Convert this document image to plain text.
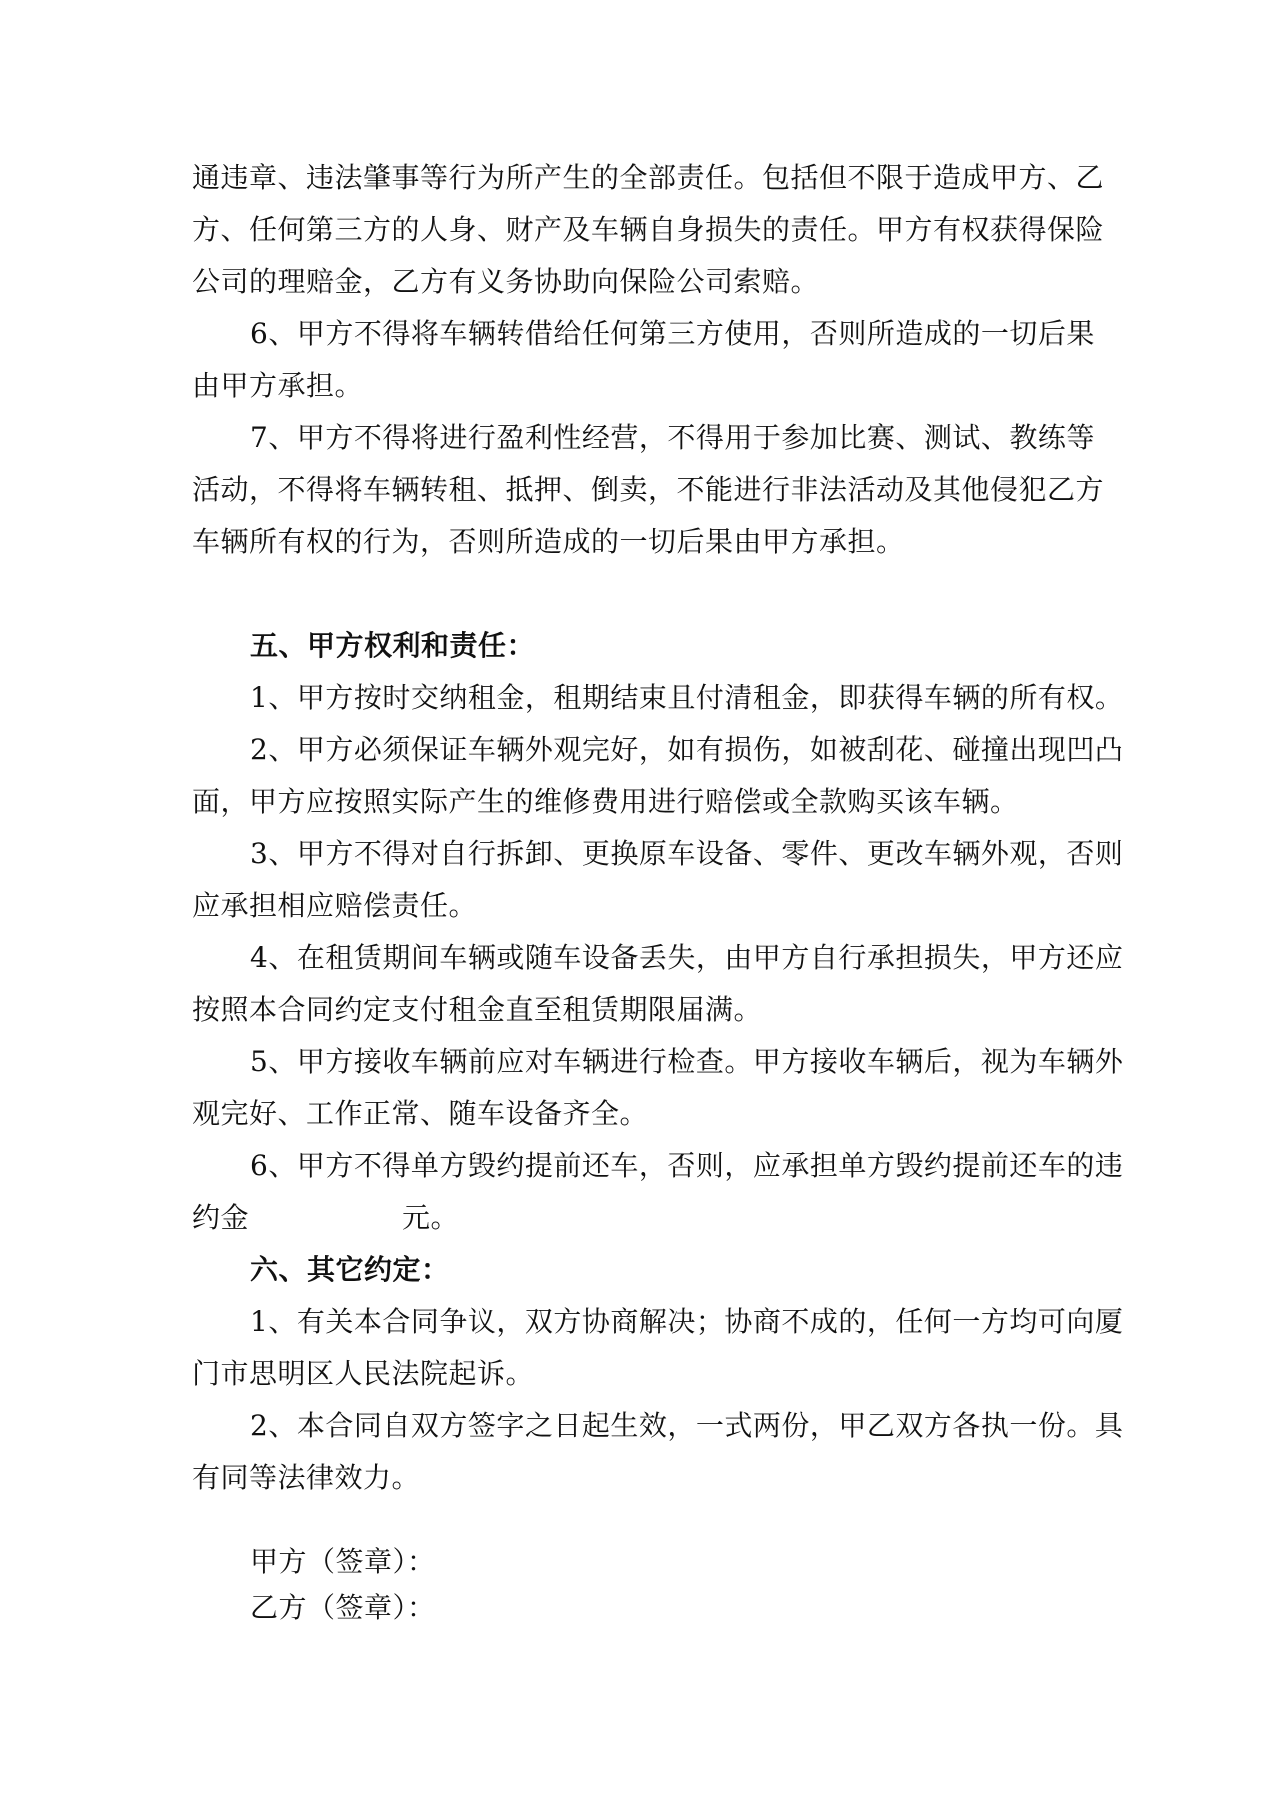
通违章、违法肇事等行为所产生的全部责任。包括但不限于造成甲方、乙
方、任何第三方的人身、财产及车辆自身损失的责任。甲方有权获得保险
公司的理赔金，乙方有义务协助向保险公司索赔。
6、甲方不得将车辆转借给任何第三方使用，否则所造成的一切后果
由甲方承担。
7、甲方不得将进行盈利性经营，不得用于参加比赛、测试、教练等
活动，不得将车辆转租、抵押、倒卖，不能进行非法活动及其他侵犯乙方
车辆所有权的行为，否则所造成的一切后果由甲方承担。
五、甲方权利和责任：
1、甲方按时交纳租金，租期结束且付清租金，即获得车辆的所有权。
2、甲方必须保证车辆外观完好，如有损伤，如被刮花、碰撞出现凹凸
面，甲方应按照实际产生的维修费用进行赔偿或全款购买该车辆。
3、甲方不得对自行拆卸、更换原车设备、零件、更改车辆外观，否则
应承担相应赔偿责任。
4、在租赁期间车辆或随车设备丢失，由甲方自行承担损失，甲方还应
按照本合同约定支付租金直至租赁期限届满。
5、甲方接收车辆前应对车辆进行检查。甲方接收车辆后，视为车辆外
观完好、工作正常、随车设备齐全。
6、甲方不得单方毁约提前还车，否则，应承担单方毁约提前还车的违
约金	元。
六、其它约定：
1、有关本合同争议，双方协商解决；协商不成的，任何一方均可向厦
门市思明区人民法院起诉。
2、本合同自双方签字之日起生效，一式两份，甲乙双方各执一份。具
有同等法律效力。
甲方（签章）：
乙方（签章）：
